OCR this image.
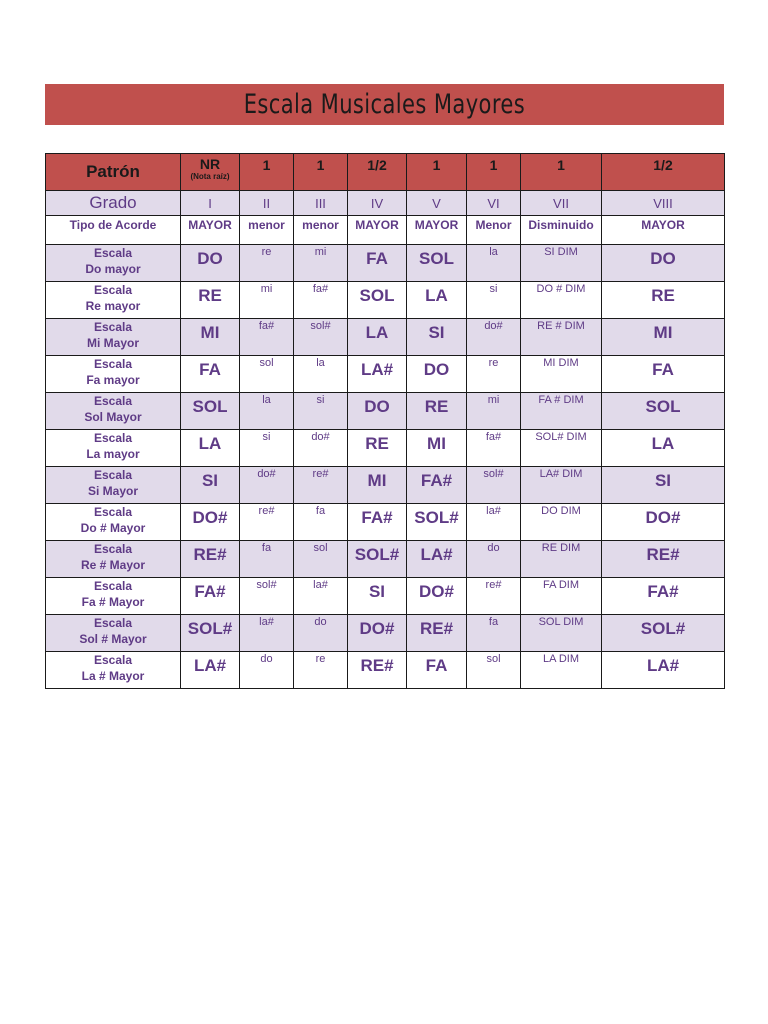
Escala Musicales Mayores
Patrón	NR
(Nota raíz)	1	1	1/2	1	1	1	1/2
Grado	I	II	III	IV	V	VI	VII	VIII
Tipo de Acorde	MAYOR	menor	menor	MAYOR	MAYOR	Menor	Disminuido	MAYOR

Escala
Do mayor	DO	re	mi	FA	SOL	la	SI DIM	DO

Escala
Re mayor	RE	mi	fa#	SOL	LA	si	DO # DIM	RE

Escala
Mi Mayor	MI	fa#	sol#	LA	SI	do#	RE # DIM	MI

Escala
Fa mayor	FA	sol	la	LA#	DO	re	MI DIM	FA

Escala
Sol Mayor	SOL	la	si	DO	RE	mi	FA # DIM	SOL

Escala
La mayor	LA	si	do#	RE	MI	fa#	SOL# DIM	LA

Escala
Si Mayor	SI	do#	re#	MI	FA#	sol#	LA# DIM	SI

Escala
Do # Mayor	DO#	re#	fa	FA#	SOL#	la#	DO DIM	DO#

Escala
Re # Mayor	RE#	fa	sol	SOL#	LA#	do	RE DIM	RE#

Escala
Fa # Mayor	FA#	sol#	la#	SI	DO#	re#	FA DIM	FA#

Escala
Sol # Mayor	SOL#	la#	do	DO#	RE#	fa	SOL DIM	SOL#

Escala
La # Mayor	LA#	do	re	RE#	FA	sol	LA DIM	LA#
